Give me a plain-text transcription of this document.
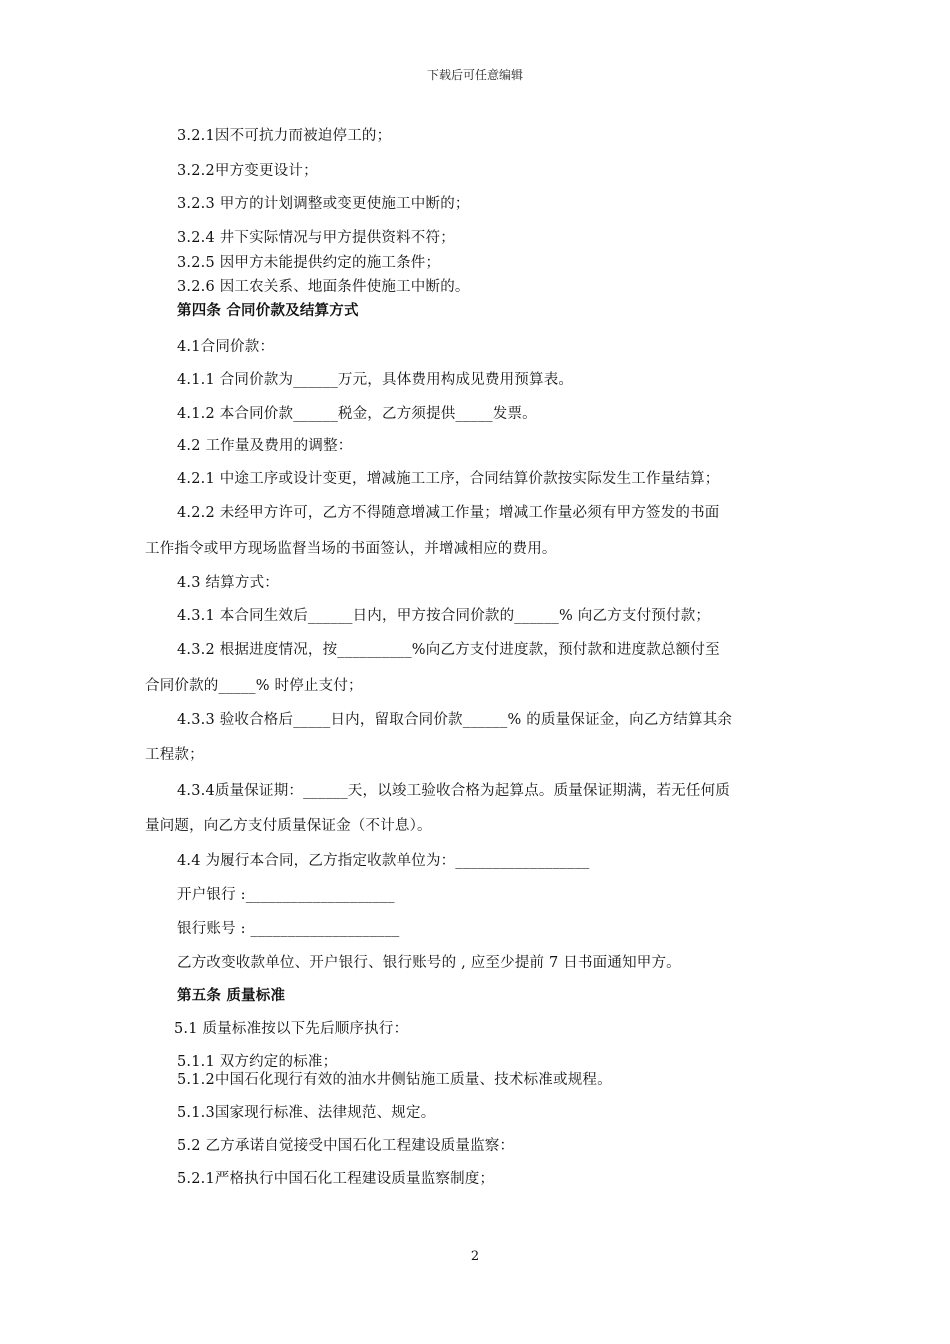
下载后可任意编辑
3.2.1因不可抗力而被迫停工的；
3.2.2甲方变更设计；
3.2.3 甲方的计划调整或变更使施工中断的；
3.2.4 井下实际情况与甲方提供资料不符；
3.2.5 因甲方未能提供约定的施工条件；
3.2.6 因工农关系、地面条件使施工中断的。
第四条 合同价款及结算方式
4.1合同价款：
4.1.1 合同价款为______万元，具体费用构成见费用预算表。
4.1.2 本合同价款______税金，乙方须提供_____发票。
4.2 工作量及费用的调整：
4.2.1 中途工序或设计变更，增减施工工序，合同结算价款按实际发生工作量结算；
4.2.2 未经甲方许可，乙方不得随意增减工作量；增减工作量必须有甲方签发的书面
工作指令或甲方现场监督当场的书面签认，并增减相应的费用。
4.3 结算方式：
4.3.1 本合同生效后______日内，甲方按合同价款的______% 向乙方支付预付款；
4.3.2 根据进度情况，按__________%向乙方支付进度款，预付款和进度款总额付至
合同价款的_____% 时停止支付；
4.3.3 验收合格后_____日内，留取合同价款______% 的质量保证金，向乙方结算其余
工程款；
4.3.4质量保证期：______天，以竣工验收合格为起算点。质量保证期满，若无任何质
量问题，向乙方支付质量保证金（不计息）。
4.4 为履行本合同，乙方指定收款单位为：__________________
开户银行 :____________________
银行账号 : ____________________
乙方改变收款单位、开户银行、银行账号的 , 应至少提前 7 日书面通知甲方。
第五条 质量标准
5.1 质量标准按以下先后顺序执行：
5.1.1 双方约定的标准；
5.1.2中国石化现行有效的油水井侧钻施工质量、技术标准或规程。
5.1.3国家现行标准、法律规范、规定。
5.2 乙方承诺自觉接受中国石化工程建设质量监察：
5.2.1严格执行中国石化工程建设质量监察制度；
2
